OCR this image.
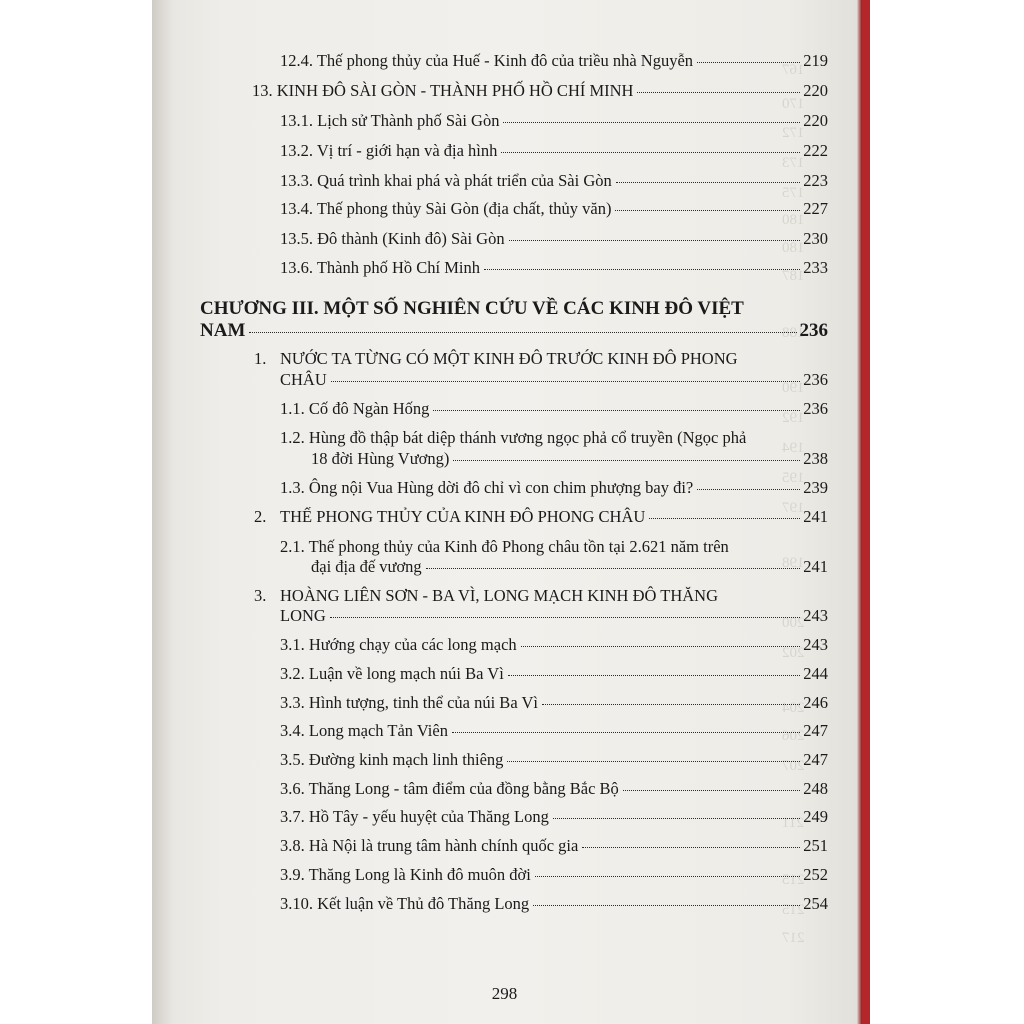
167
170
172
173
175
180
180
187
188
190
192
194
195
197
198
200
202
204
206
207
211
215
215
217
12.4. Thế phong thủy của Huế - Kinh đô của triều nhà Nguyễn	219
13. KINH ĐÔ SÀI GÒN - THÀNH PHỐ HỒ CHÍ MINH	220
13.1. Lịch sử Thành phố Sài Gòn	220
13.2. Vị trí - giới hạn và địa hình	222
13.3. Quá trình khai phá và phát triển của Sài Gòn	223
13.4. Thế phong thủy Sài Gòn (địa chất, thủy văn)	227
13.5. Đô thành (Kinh đô) Sài Gòn	230
13.6. Thành phố Hồ Chí Minh	233
CHƯƠNG III. MỘT SỐ NGHIÊN CỨU VỀ CÁC KINH ĐÔ VIỆT
NAM	236
1. NƯỚC TA TỪNG CÓ MỘT KINH ĐÔ TRƯỚC KINH ĐÔ PHONG
CHÂU	236
1.1. Cố đô Ngàn Hống	236
1.2. Hùng đồ thập bát diệp thánh vương ngọc phả cổ truyền (Ngọc phả
18 đời Hùng Vương)	238
1.3. Ông nội Vua Hùng dời đô chỉ vì con chim phượng bay đi?	239
2. THẾ PHONG THỦY CỦA KINH ĐÔ PHONG CHÂU	241
2.1. Thế phong thủy của Kinh đô Phong châu tồn tại 2.621 năm trên
đại địa đế vương	241
3. HOÀNG LIÊN SƠN - BA VÌ, LONG MẠCH KINH ĐÔ THĂNG
LONG	243
3.1. Hướng chạy của các long mạch	243
3.2. Luận về long mạch núi Ba Vì	244
3.3. Hình tượng, tinh thể của núi Ba Vì	246
3.4. Long mạch Tản Viên	247
3.5. Đường kinh mạch linh thiêng	247
3.6. Thăng Long - tâm điểm của đồng bằng Bắc Bộ	248
3.7. Hồ Tây - yếu huyệt của Thăng Long	249
3.8. Hà Nội là trung tâm hành chính quốc gia	251
3.9. Thăng Long là Kinh đô muôn đời	252
3.10. Kết luận về Thủ đô Thăng Long	254
298
